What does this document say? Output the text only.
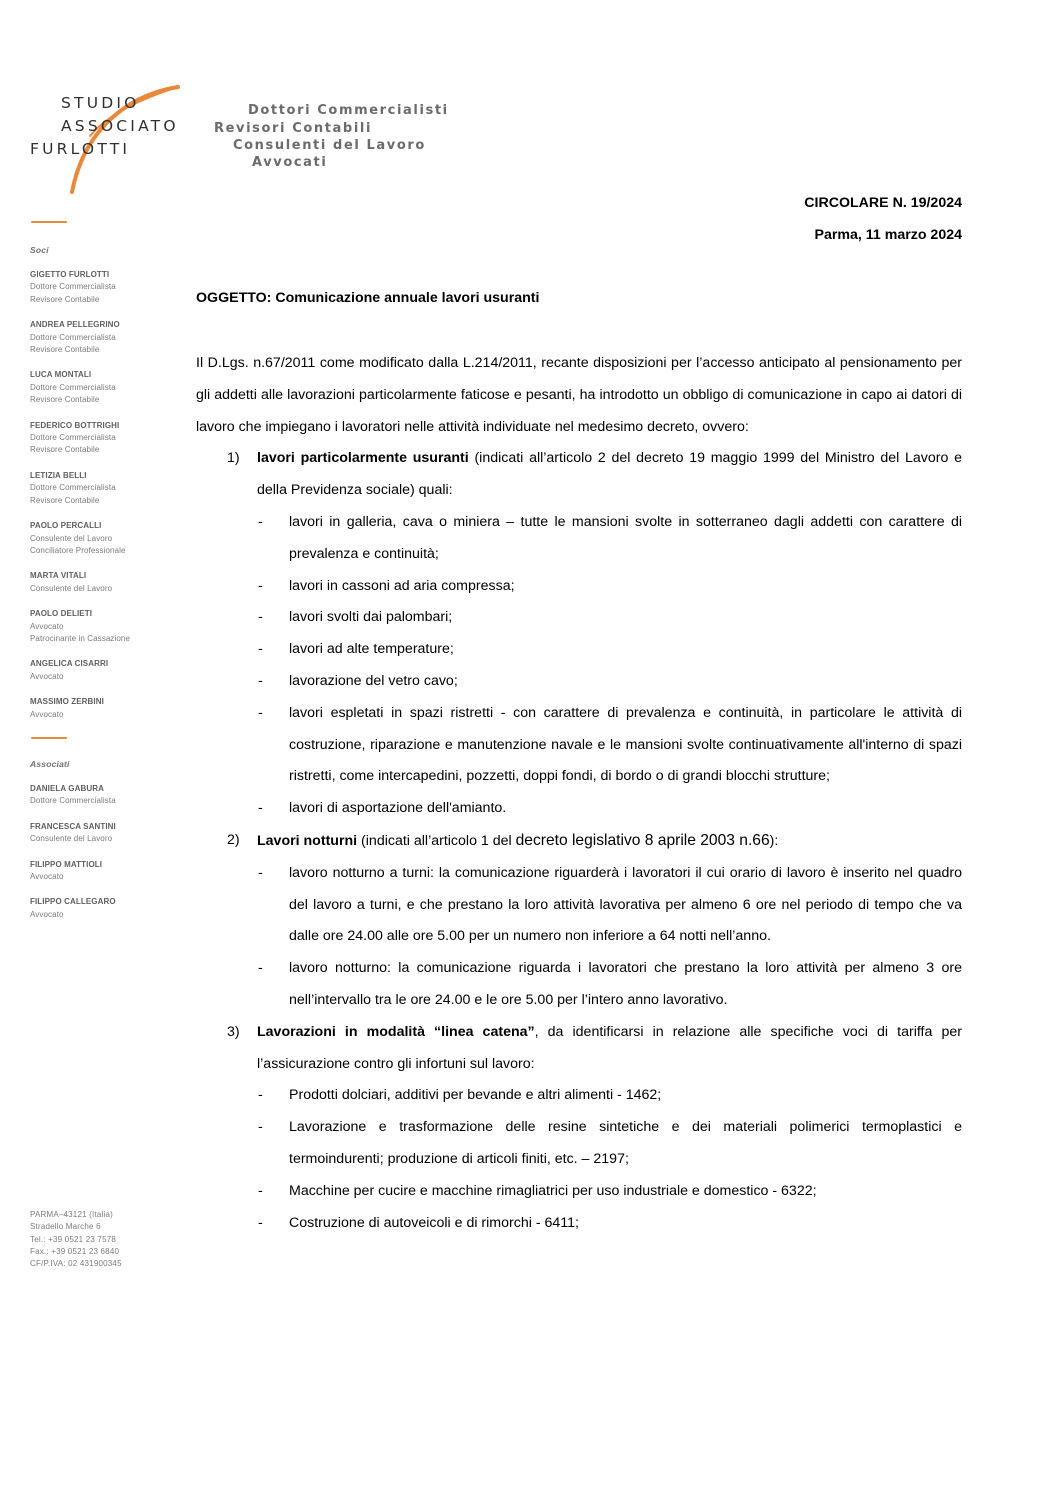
STUDIO
ASSOCIATO
FURLOTTI
Dottori Commercialisti
Revisori Contabili
Consulenti del Lavoro
Avvocati
Soci
GIGETTO FURLOTTI
Dottore Commercialista
Revisore Contabile
ANDREA PELLEGRINO
Dottore Commercialista
Revisore Contabile
LUCA MONTALI
Dottore Commercialista
Revisore Contabile
FEDERICO BOTTRIGHI
Dottore Commercialista
Revisore Contabile
LETIZIA BELLI
Dottore Commercialista
Revisore Contabile
PAOLO PERCALLI
Consulente del Lavoro
Conciliatore Professionale
MARTA VITALI
Consulente del Lavoro
PAOLO DELIETI
Avvocato
Patrocinante in Cassazione
ANGELICA CISARRI
Avvocato
MASSIMO ZERBINI
Avvocato
Associati
DANIELA GABURA
Dottore Commercialista
FRANCESCA SANTINI
Consulente del Lavoro
FILIPPO MATTIOLI
Avvocato
FILIPPO CALLEGARO
Avvocato
PARMA–43121 (Italia)
Stradello Marche 6
Tel.: +39 0521 23 7578
Fax.: +39 0521 23 6840
CF/P.IVA: 02 431900345
CIRCOLARE N. 19/2024
Parma, 11 marzo 2024
OGGETTO: Comunicazione annuale lavori usuranti

Il D.Lgs. n.67/2011 come modificato dalla L.214/2011, recante disposizioni per l’accesso anticipato al pensionamento per gli addetti alle lavorazioni particolarmente faticose e pesanti, ha introdotto un obbligo di comunicazione in capo ai datori di lavoro che impiegano i lavoratori nelle attività individuate nel medesimo decreto, ovvero:

1) lavori particolarmente usuranti (indicati all’articolo 2 del decreto 19 maggio 1999 del Ministro del Lavoro e della Previdenza sociale) quali:

- lavori in galleria, cava o miniera – tutte le mansioni svolte in sotterraneo dagli addetti con carattere di prevalenza e continuità;
- lavori in cassoni ad aria compressa;
- lavori svolti dai palombari;
- lavori ad alte temperature;
- lavorazione del vetro cavo;
- lavori espletati in spazi ristretti - con carattere di prevalenza e continuità, in particolare le attività di costruzione, riparazione e manutenzione navale e le mansioni svolte continuativamente all'interno di spazi ristretti, come intercapedini, pozzetti, doppi fondi, di bordo o di grandi blocchi strutture;
- lavori di asportazione dell'amianto.
2) Lavori notturni (indicati all’articolo 1 del decreto legislativo 8 aprile 2003 n.66):

- lavoro notturno a turni: la comunicazione riguarderà i lavoratori il cui orario di lavoro è inserito nel quadro del lavoro a turni, e che prestano la loro attività lavorativa per almeno 6 ore nel periodo di tempo che va dalle ore 24.00 alle ore 5.00 per un numero non inferiore a 64 notti nell’anno.
- lavoro notturno: la comunicazione riguarda i lavoratori che prestano la loro attività per almeno 3 ore nell’intervallo tra le ore 24.00 e le ore 5.00 per l’intero anno lavorativo.
3) Lavorazioni in modalità “linea catena”, da identificarsi in relazione alle specifiche voci di tariffa per l’assicurazione contro gli infortuni sul lavoro:

- Prodotti dolciari, additivi per bevande e altri alimenti - 1462;
- Lavorazione e trasformazione delle resine sintetiche e dei materiali polimerici termoplastici e termoindurenti; produzione di articoli finiti, etc. – 2197;
- Macchine per cucire e macchine rimagliatrici per uso industriale e domestico - 6322;
- Costruzione di autoveicoli e di rimorchi - 6411;
